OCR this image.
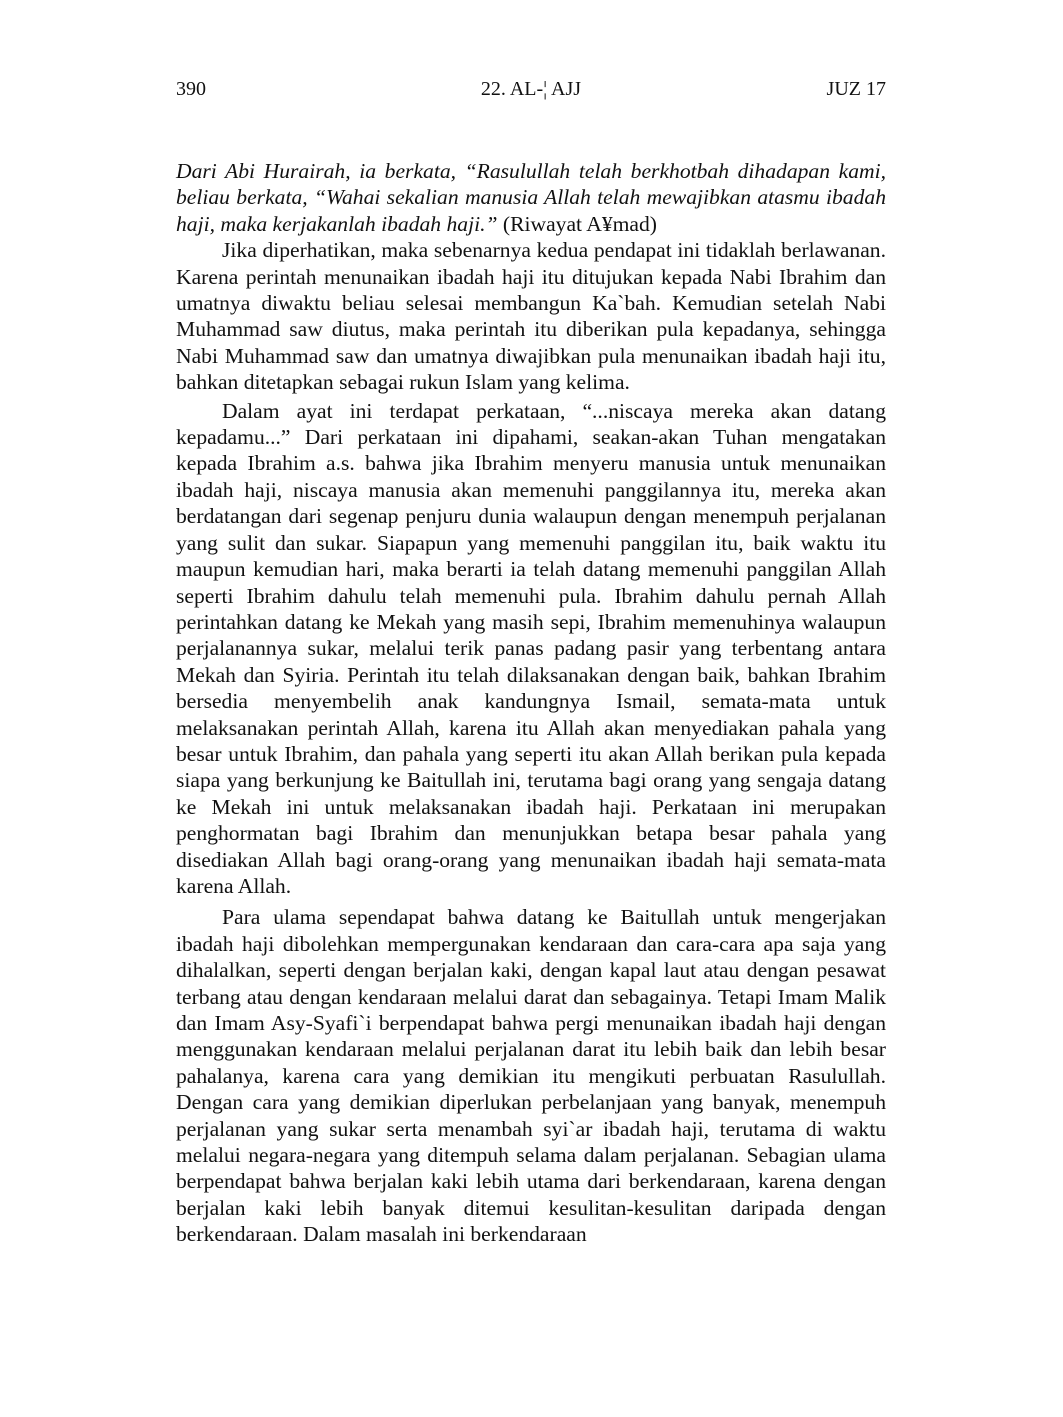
390	22. AL-¦ AJJ	JUZ 17

Dari Abi Hurairah, ia berkata, “Rasulullah telah berkhotbah dihadapan kami, beliau berkata, “Wahai sekalian manusia Allah telah mewajibkan atasmu ibadah haji, maka kerjakanlah ibadah haji.” (Riwayat A¥mad)

Jika diperhatikan, maka sebenarnya kedua pendapat ini tidaklah berlawanan. Karena perintah menunaikan ibadah haji itu ditujukan kepada Nabi Ibrahim dan umatnya diwaktu beliau selesai membangun Ka`bah. Kemudian setelah Nabi Muhammad saw diutus, maka perintah itu diberikan pula kepadanya, sehingga Nabi Muhammad saw dan umatnya diwajibkan pula menunaikan ibadah haji itu, bahkan ditetapkan sebagai rukun Islam yang kelima.

Dalam ayat ini terdapat perkataan, “...niscaya mereka akan datang kepadamu...” Dari perkataan ini dipahami, seakan-akan Tuhan mengatakan kepada Ibrahim a.s. bahwa jika Ibrahim menyeru manusia untuk menunaikan ibadah haji, niscaya manusia akan memenuhi panggilannya itu, mereka akan berdatangan dari segenap penjuru dunia walaupun dengan menempuh perjalanan yang sulit dan sukar. Siapapun yang memenuhi panggilan itu, baik waktu itu maupun kemudian hari, maka berarti ia telah datang memenuhi panggilan Allah seperti Ibrahim dahulu telah memenuhi pula. Ibrahim dahulu pernah Allah perintahkan datang ke Mekah yang masih sepi, Ibrahim memenuhinya walaupun perjalanannya sukar, melalui terik panas padang pasir yang terbentang antara Mekah dan Syiria. Perintah itu telah dilaksanakan dengan baik, bahkan Ibrahim bersedia menyembelih anak kandungnya Ismail, semata-mata untuk melaksanakan perintah Allah, karena itu Allah akan menyediakan pahala yang besar untuk Ibrahim, dan pahala yang seperti itu akan Allah berikan pula kepada siapa yang berkunjung ke Baitullah ini, terutama bagi orang yang sengaja datang ke Mekah ini untuk melaksanakan ibadah haji. Perkataan ini merupakan penghormatan bagi Ibrahim dan menunjukkan betapa besar pahala yang disediakan Allah bagi orang-orang yang menunaikan ibadah haji semata-mata karena Allah.

Para ulama sependapat bahwa datang ke Baitullah untuk mengerjakan ibadah haji dibolehkan mempergunakan kendaraan dan cara-cara apa saja yang dihalalkan, seperti dengan berjalan kaki, dengan kapal laut atau dengan pesawat terbang atau dengan kendaraan melalui darat dan sebagainya. Tetapi Imam Malik dan Imam Asy-Syafi`i berpendapat bahwa pergi menunaikan ibadah haji dengan menggunakan kendaraan melalui perjalanan darat itu lebih baik dan lebih besar pahalanya, karena cara yang demikian itu mengikuti perbuatan Rasulullah. Dengan cara yang demikian diperlukan perbelanjaan yang banyak, menempuh perjalanan yang sukar serta menambah syi`ar ibadah haji, terutama di waktu melalui negara-negara yang ditempuh selama dalam perjalanan. Sebagian ulama berpendapat bahwa berjalan kaki lebih utama dari berkendaraan, karena dengan berjalan kaki lebih banyak ditemui kesulitan-kesulitan daripada dengan berkendaraan. Dalam masalah ini berkendaraan
